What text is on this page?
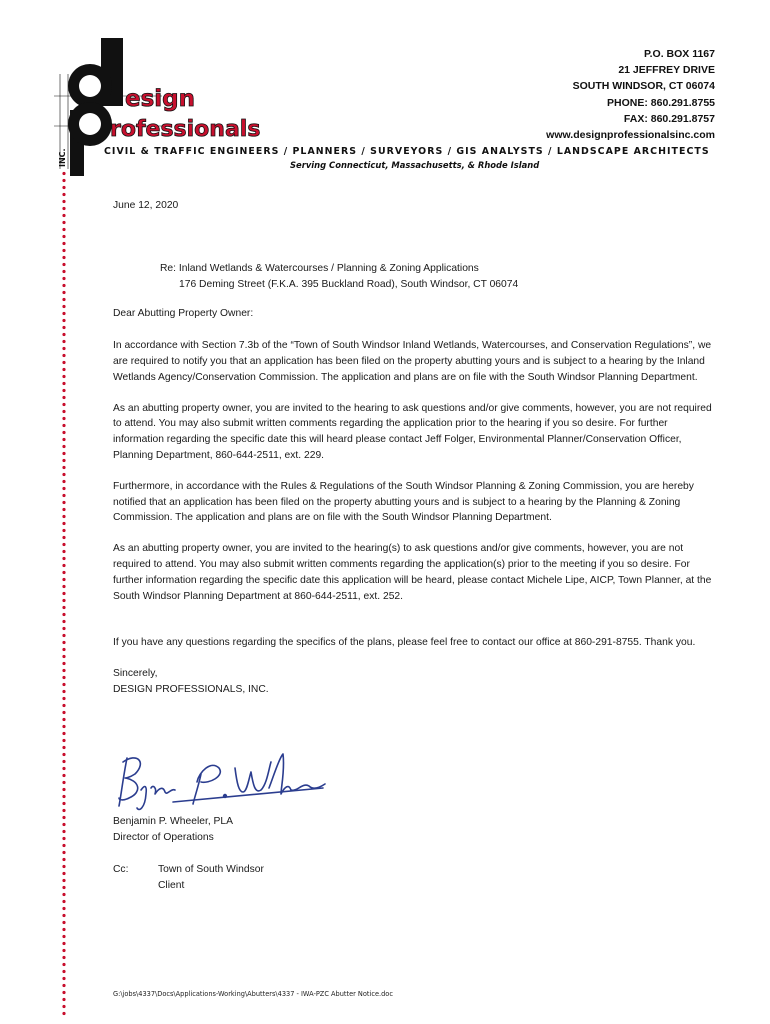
esign
rofessionals
INC.
P.O. BOX 1167
21 JEFFREY DRIVE
SOUTH WINDSOR, CT 06074
PHONE: 860.291.8755
FAX: 860.291.8757
www.designprofessionalsinc.com
CIVIL & TRAFFIC ENGINEERS / PLANNERS / SURVEYORS / GIS ANALYSTS / LANDSCAPE ARCHITECTS
Serving Connecticut, Massachusetts, & Rhode Island

June 12, 2020

Re: Inland Wetlands & Watercourses / Planning & Zoning Applications
176 Deming Street (F.K.A. 395 Buckland Road), South Windsor, CT 06074

Dear Abutting Property Owner:

In accordance with Section 7.3b of the “Town of South Windsor Inland Wetlands, Watercourses, and Conservation Regulations”, we are required to notify you that an application has been filed on the property abutting yours and is subject to a hearing by the Inland Wetlands Agency/Conservation Commission. The application and plans are on file with the South Windsor Planning Department.

As an abutting property owner, you are invited to the hearing to ask questions and/or give comments, however, you are not required to attend. You may also submit written comments regarding the application prior to the hearing if you so desire. For further information regarding the specific date this will heard please contact Jeff Folger, Environmental Planner/Conservation Officer, Planning Department, 860-644-2511, ext. 229.

Furthermore, in accordance with the Rules & Regulations of the South Windsor Planning & Zoning Commission, you are hereby notified that an application has been filed on the property abutting yours and is subject to a hearing by the Planning & Zoning Commission. The application and plans are on file with the South Windsor Planning Department.

As an abutting property owner, you are invited to the hearing(s) to ask questions and/or give comments, however, you are not required to attend. You may also submit written comments regarding the application(s) prior to the meeting if you so desire. For further information regarding the specific date this application will be heard, please contact Michele Lipe, AICP, Town Planner, at the South Windsor Planning Department at 860-644-2511, ext. 252.

If you have any questions regarding the specifics of the plans, please feel free to contact our office at 860-291-8755. Thank you.

Sincerely,

DESIGN PROFESSIONALS, INC.

Benjamin P. Wheeler, PLA
Director of Operations
Cc:	Town of South Windsor
Client
G:\jobs\4337\Docs\Applications-Working\Abutters\4337 - IWA-PZC Abutter Notice.doc
